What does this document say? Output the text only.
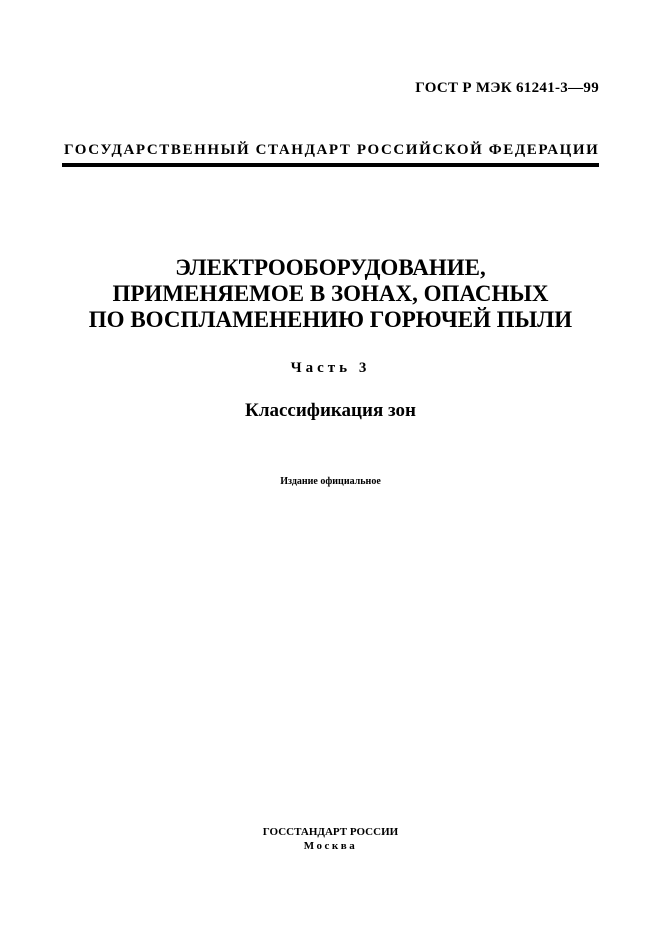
ГОСТ Р МЭК 61241-3—99
ГОСУДАРСТВЕННЫЙ СТАНДАРТ РОССИЙСКОЙ ФЕДЕРАЦИИ
ЭЛЕКТРООБОРУДОВАНИЕ,
ПРИМЕНЯЕМОЕ В ЗОНАХ, ОПАСНЫХ
ПО ВОСПЛАМЕНЕНИЮ ГОРЮЧЕЙ ПЫЛИ
Часть 3
Классификация зон
Издание официальное
ГОССТАНДАРТ РОССИИ
Москва
